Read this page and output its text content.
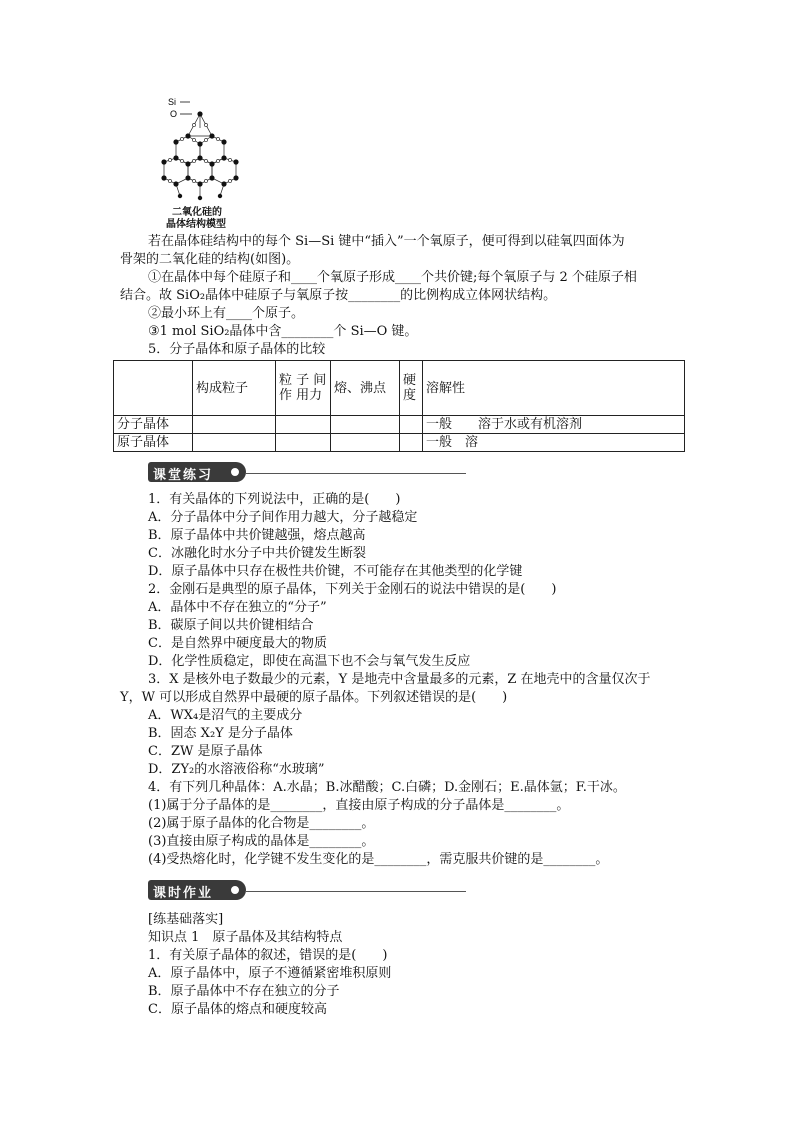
Si
O
二氧化硅的
晶体结构模型
若在晶体硅结构中的每个 Si—Si 键中“插入”一个氧原子，便可得到以硅氧四面体为
骨架的二氧化硅的结构(如图)。
①在晶体中每个硅原子和____个氧原子形成____个共价键;每个氧原子与 2 个硅原子相
结合。故 SiO₂晶体中硅原子与氧原子按________的比例构成立体网状结构。
②最小环上有____个原子。
③1 mol SiO₂晶体中含________个 Si—O 键。
5．分子晶体和原子晶体的比较
	构成粒子	粒 子 间 作 用力	熔、沸点	硬度	溶解性
分子晶体					一般　　溶于水或有机溶剂
原子晶体					一般　溶
课堂练习
1．有关晶体的下列说法中，正确的是(　　)
A．分子晶体中分子间作用力越大，分子越稳定
B．原子晶体中共价键越强，熔点越高
C．冰融化时水分子中共价键发生断裂
D．原子晶体中只存在极性共价键，不可能存在其他类型的化学键
2．金刚石是典型的原子晶体，下列关于金刚石的说法中错误的是(　　)
A．晶体中不存在独立的“分子”
B．碳原子间以共价键相结合
C．是自然界中硬度最大的物质
D．化学性质稳定，即使在高温下也不会与氧气发生反应
3．X 是核外电子数最少的元素，Y 是地壳中含量最多的元素，Z 在地壳中的含量仅次于
Y，W 可以形成自然界中最硬的原子晶体。下列叙述错误的是(　　)
A．WX₄是沼气的主要成分
B．固态 X₂Y 是分子晶体
C．ZW 是原子晶体
D．ZY₂的水溶液俗称“水玻璃”
4．有下列几种晶体：A.水晶；B.冰醋酸；C.白磷；D.金刚石；E.晶体氩；F.干冰。
(1)属于分子晶体的是________，直接由原子构成的分子晶体是________。
(2)属于原子晶体的化合物是________。
(3)直接由原子构成的晶体是________。
(4)受热熔化时，化学键不发生变化的是________，需克服共价键的是________。
课时作业
[练基础落实]
知识点 1　原子晶体及其结构特点
1．有关原子晶体的叙述，错误的是(　　)
A．原子晶体中，原子不遵循紧密堆积原则
B．原子晶体中不存在独立的分子
C．原子晶体的熔点和硬度较高
